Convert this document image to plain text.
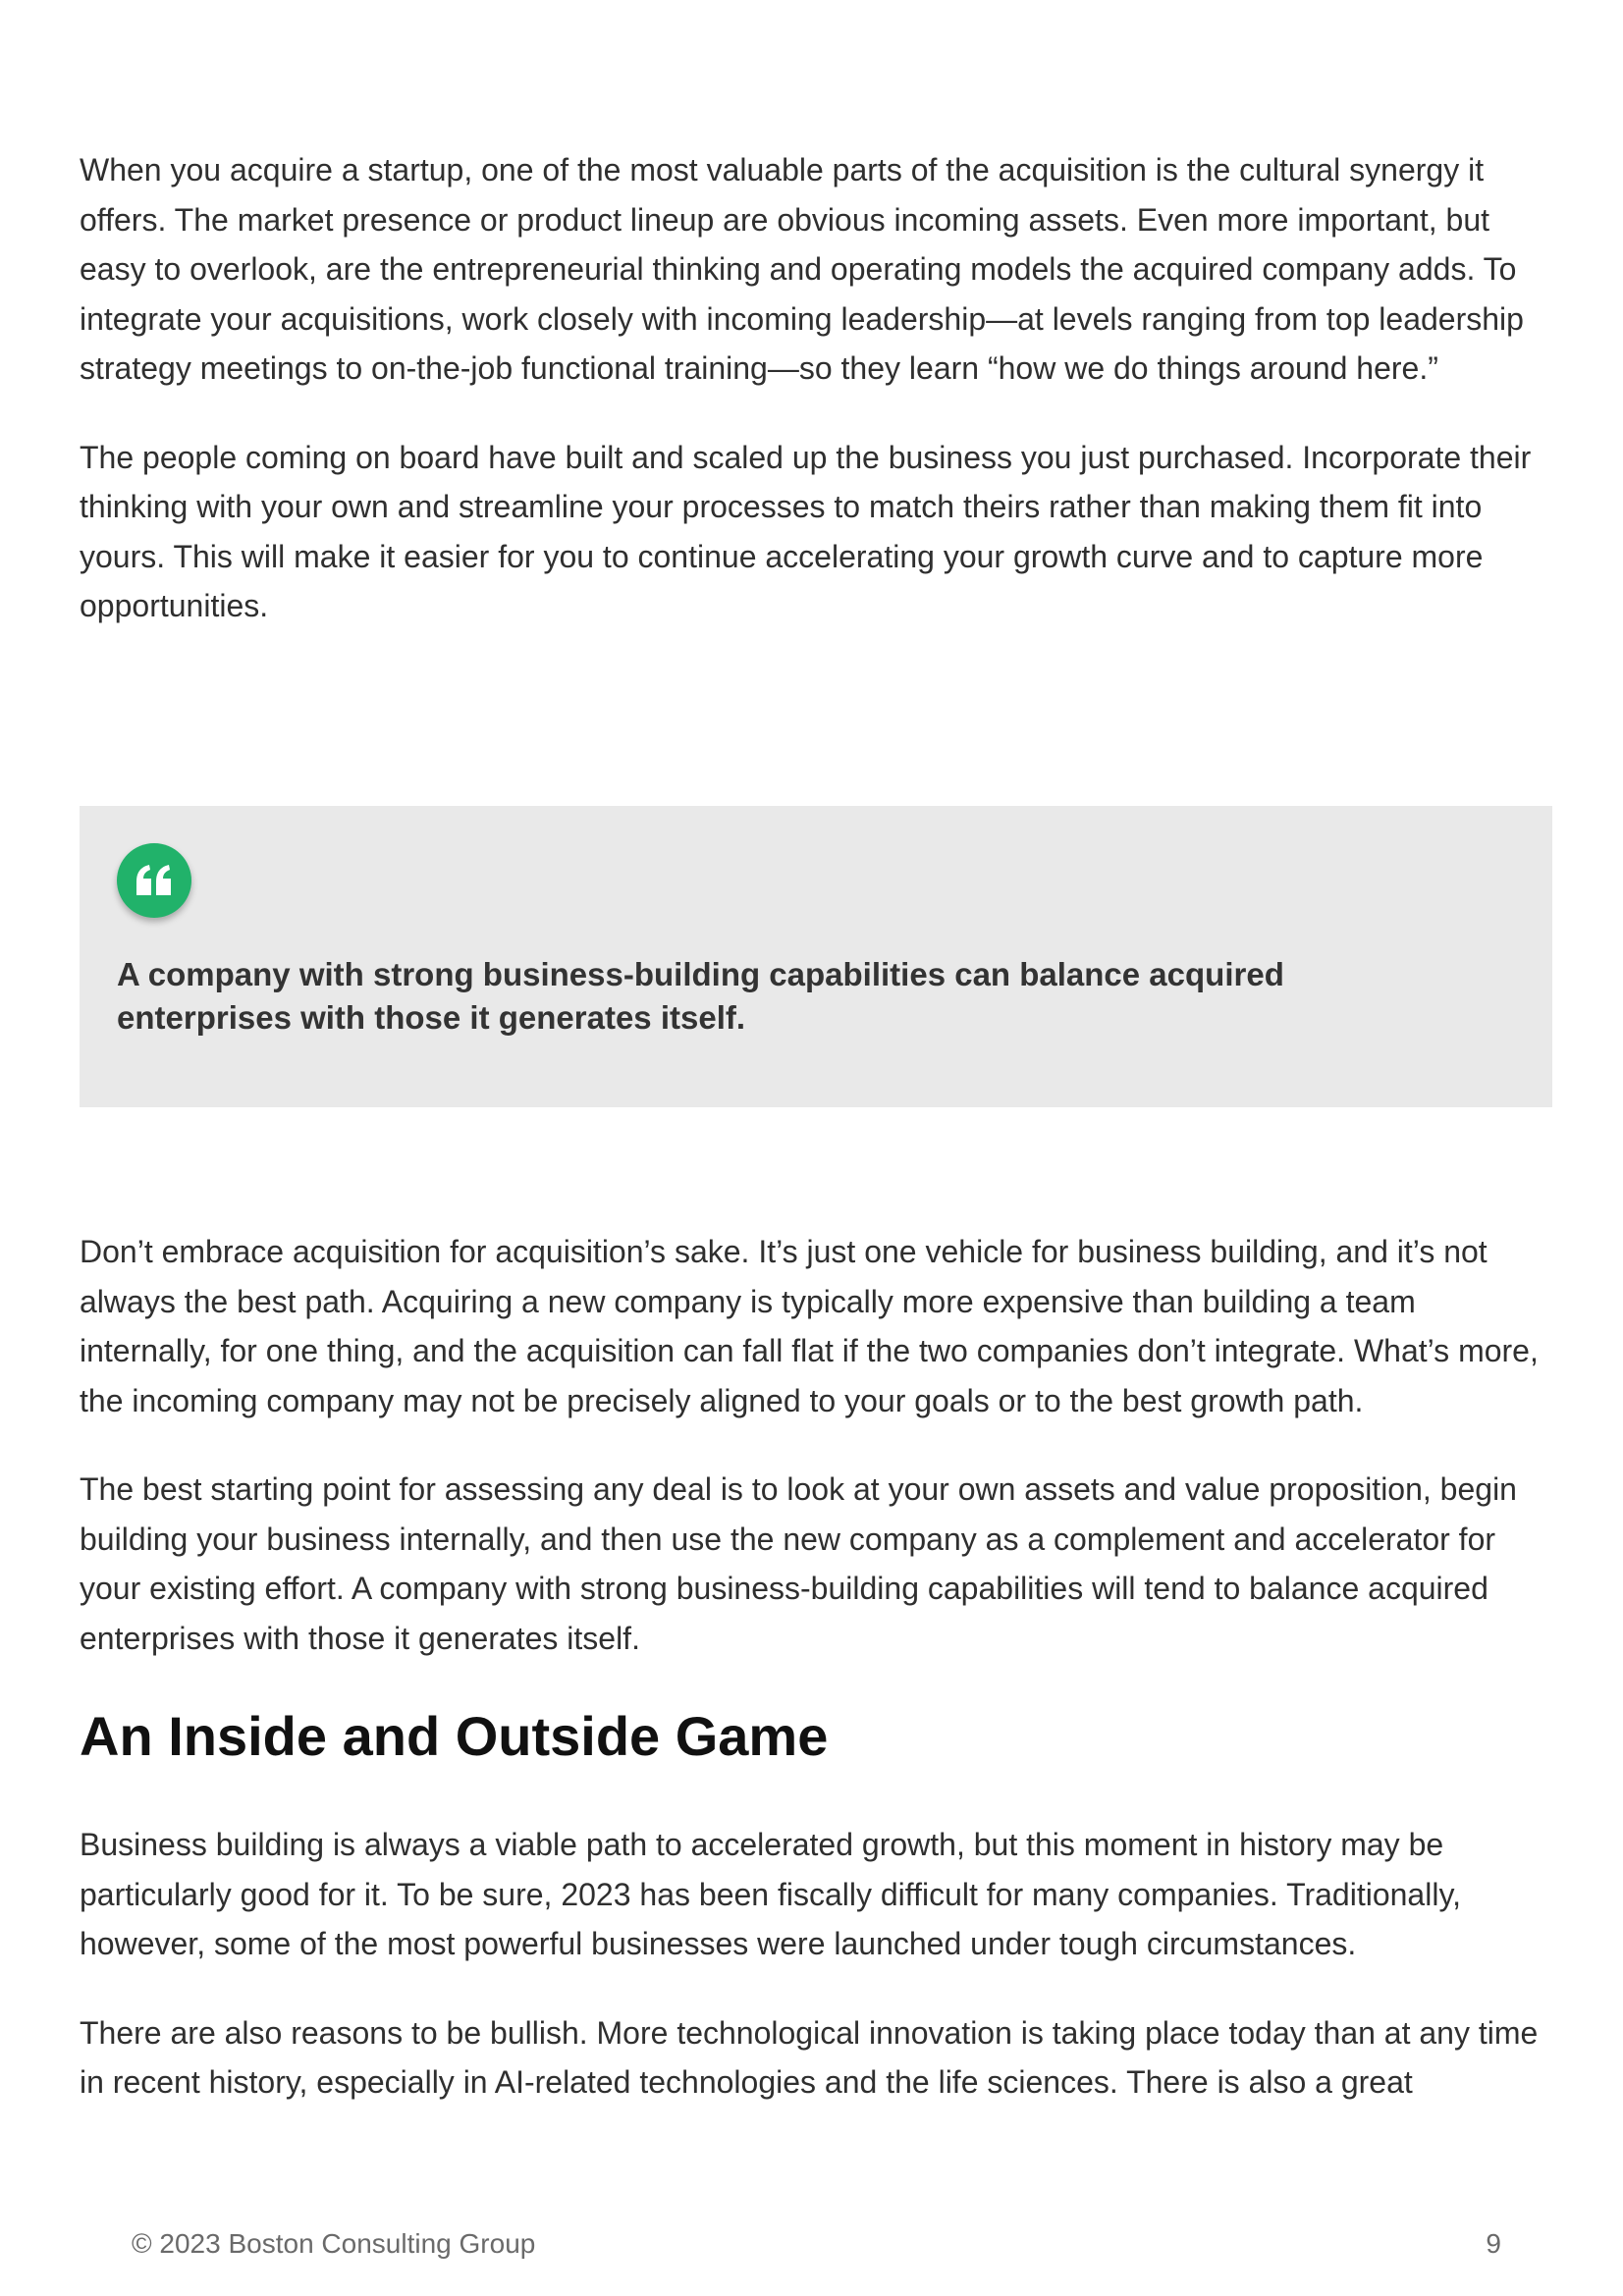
When you acquire a startup, one of the most valuable parts of the acquisition is the cultural synergy it offers. The market presence or product lineup are obvious incoming assets. Even more important, but easy to overlook, are the entrepreneurial thinking and operating models the acquired company adds. To integrate your acquisitions, work closely with incoming leadership—at levels ranging from top leadership strategy meetings to on-the-job functional training—so they learn “how we do things around here.”

The people coming on board have built and scaled up the business you just purchased. Incorporate their thinking with your own and streamline your processes to match theirs rather than making them fit into yours. This will make it easier for you to continue accelerating your growth curve and to capture more opportunities.

A company with strong business-building capabilities can balance acquired enterprises with those it generates itself.

Don’t embrace acquisition for acquisition’s sake. It’s just one vehicle for business building, and it’s not always the best path. Acquiring a new company is typically more expensive than building a team internally, for one thing, and the acquisition can fall flat if the two companies don’t integrate. What’s more, the incoming company may not be precisely aligned to your goals or to the best growth path.

The best starting point for assessing any deal is to look at your own assets and value proposition, begin building your business internally, and then use the new company as a complement and accelerator for your existing effort. A company with strong business-building capabilities will tend to balance acquired enterprises with those it generates itself.

An Inside and Outside Game

Business building is always a viable path to accelerated growth, but this moment in history may be particularly good for it. To be sure, 2023 has been fiscally difficult for many companies. Traditionally, however, some of the most powerful businesses were launched under tough circumstances.

There are also reasons to be bullish. More technological innovation is taking place today than at any time in recent history, especially in AI-related technologies and the life sciences. There is also a great

© 2023 Boston Consulting Group	9
